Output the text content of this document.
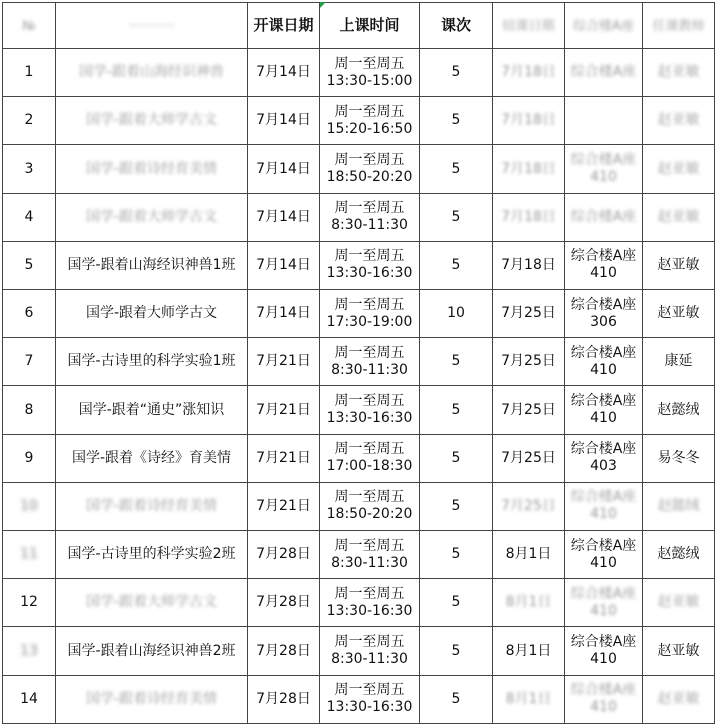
№	···········	开课日期	上课时间	课次	结课日期	综合楼A座	任课教师
1	国学-跟着山海经识神兽	7月14日	周一至周五
13:30-15:00	5	7月18日	综合楼A座	赵亚敏
2	国学-跟着大师学古文	7月14日	周一至周五
15:20-16:50	5	7月18日		赵亚敏
3	国学-跟着诗经育美情	7月14日	周一至周五
18:50-20:20	5	7月18日	综合楼A座
410	赵亚敏
4	国学-跟着大师学古文	7月14日	周一至周五
8:30-11:30	5	7月18日	综合楼A座	赵亚敏
5	国学-跟着山海经识神兽1班	7月14日	周一至周五
13:30-16:30	5	7月18日	综合楼A座
410	赵亚敏
6	国学-跟着大师学古文	7月14日	周一至周五
17:30-19:00	10	7月25日	综合楼A座
306	赵亚敏
7	国学-古诗里的科学实验1班	7月21日	周一至周五
8:30-11:30	5	7月25日	综合楼A座
410	康延
8	国学-跟着“通史”涨知识	7月21日	周一至周五
13:30-16:30	5	7月25日	综合楼A座
410	赵懿绒
9	国学-跟着《诗经》育美情	7月21日	周一至周五
17:00-18:30	5	7月25日	综合楼A座
403	易冬冬
10	国学-跟着诗经育美情	7月21日	周一至周五
18:50-20:20	5	7月25日	综合楼A座
410	赵懿绒
11	国学-古诗里的科学实验2班	7月28日	周一至周五
8:30-11:30	5	8月1日	综合楼A座
410	赵懿绒
12	国学-跟着大师学古文	7月28日	周一至周五
13:30-16:30	5	8月1日	综合楼A座
410	赵亚敏
13	国学-跟着山海经识神兽2班	7月28日	周一至周五
8:30-11:30	5	8月1日	综合楼A座
410	赵亚敏
14	国学-跟着诗经育美情	7月28日	周一至周五
13:30-16:30	5	8月1日	综合楼A座
410	赵亚敏
